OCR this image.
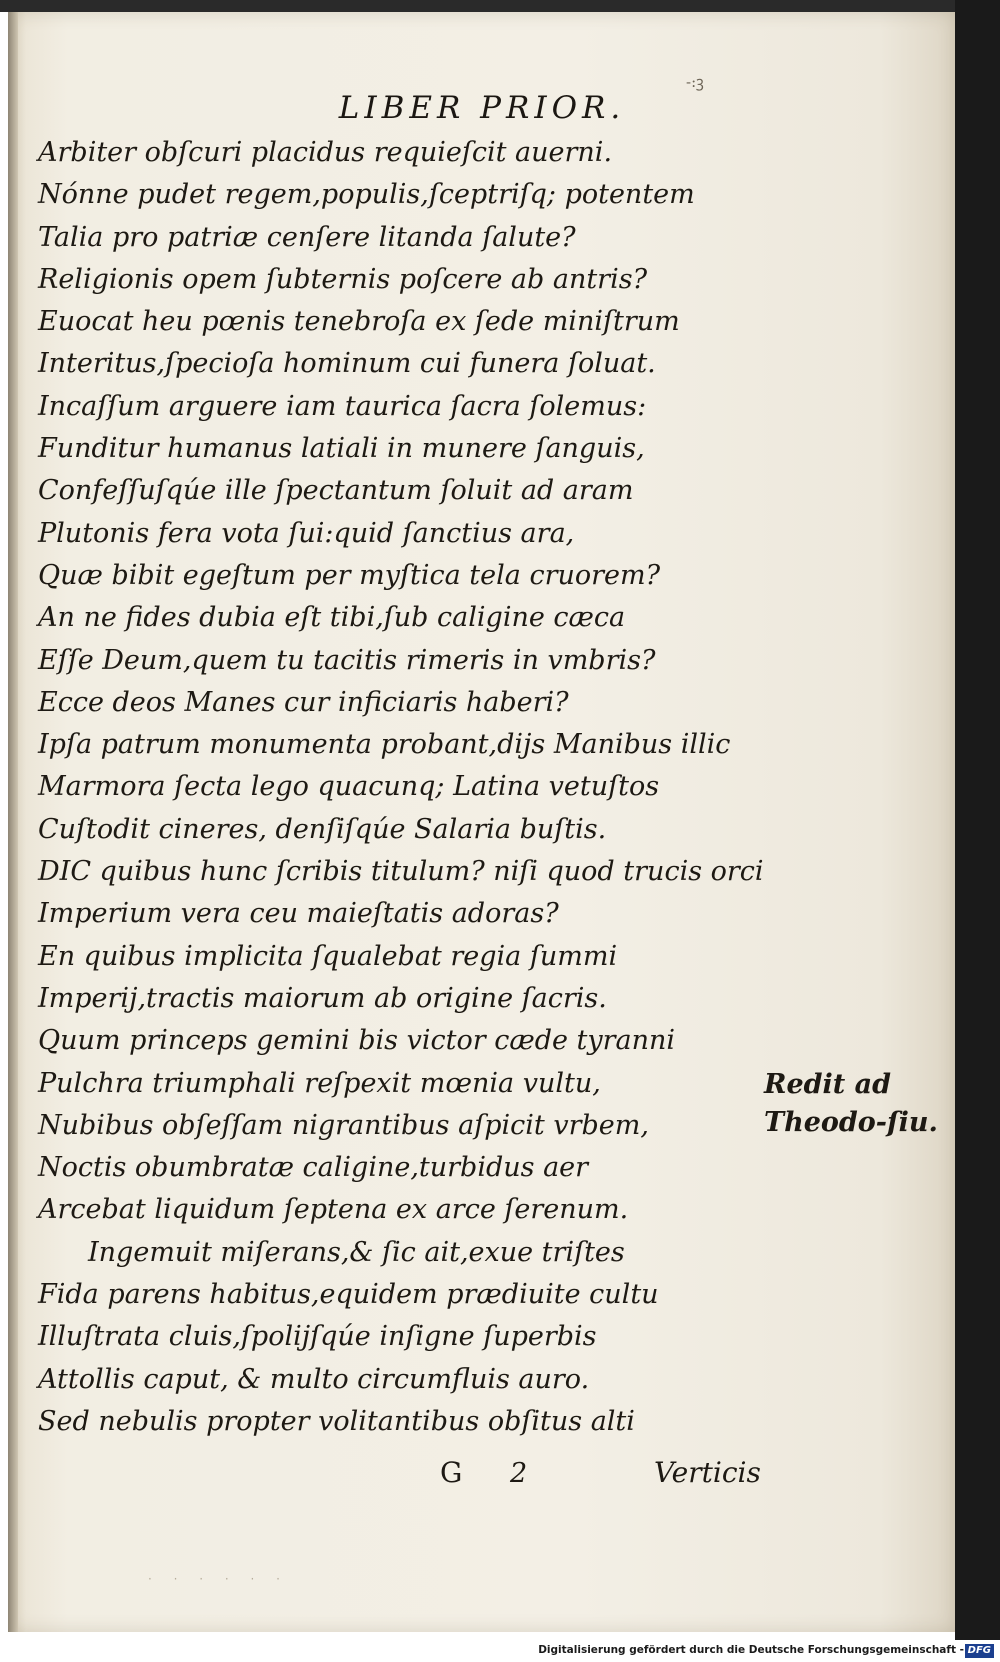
-:ꝫ
LIBER PRIOR.
Arbiter obſcuri placidus requieſcit auerni.
Nónne pudet regem,populis,ſceptriſq; potentem
Talia pro patriæ cenſere litanda ſalute?
Religionis opem ſubternis poſcere ab antris?
Euocat heu pœnis tenebroſa ex ſede miniſtrum
Interitus,ſpecioſa hominum cui funera ſoluat.
Incaſſum arguere iam taurica ſacra ſolemus:
Funditur humanus latiali in munere ſanguis,
Confeſſuſqúe ille ſpectantum ſoluit ad aram
Plutonis fera vota ſui:quid ſanctius ara,
Quæ bibit egeſtum per myſtica tela cruorem?
An ne fides dubia eſt tibi,ſub caligine cæca
Eſſe Deum,quem tu tacitis rimeris in vmbris?
Ecce deos Manes cur inficiaris haberi?
Ipſa patrum monumenta probant,dijs Manibus illic
Marmora ſecta lego quacunq; Latina vetuſtos
Cuſtodit cineres, denſiſqúe Salaria buſtis.
DIC quibus hunc ſcribis titulum? niſi quod trucis orci
Imperium vera ceu maieſtatis adoras?
En quibus implicita ſqualebat regia ſummi
Imperij,tractis maiorum ab origine ſacris.
Quum princeps gemini bis victor cæde tyranni
Pulchra triumphali reſpexit mœnia vultu,
Nubibus obſeſſam nigrantibus aſpicit vrbem,
Noctis obumbratæ caligine,turbidus aer
Arcebat liquidum ſeptena ex arce ſerenum.
Ingemuit miſerans,& ſic ait,exue triſtes
Fida parens habitus,equidem prædiuite cultu
Illuſtrata cluis,ſpolijſqúe inſigne ſuperbis
Attollis caput, & multo circumfluis auro.
Sed nebulis propter volitantibus obſitus alti
Redit ad
Theodo-ſiu.
G 2	Verticis
· · · · · ·
Digitalisierung gefördert durch die Deutsche Forschungsgemeinschaft - DFG
